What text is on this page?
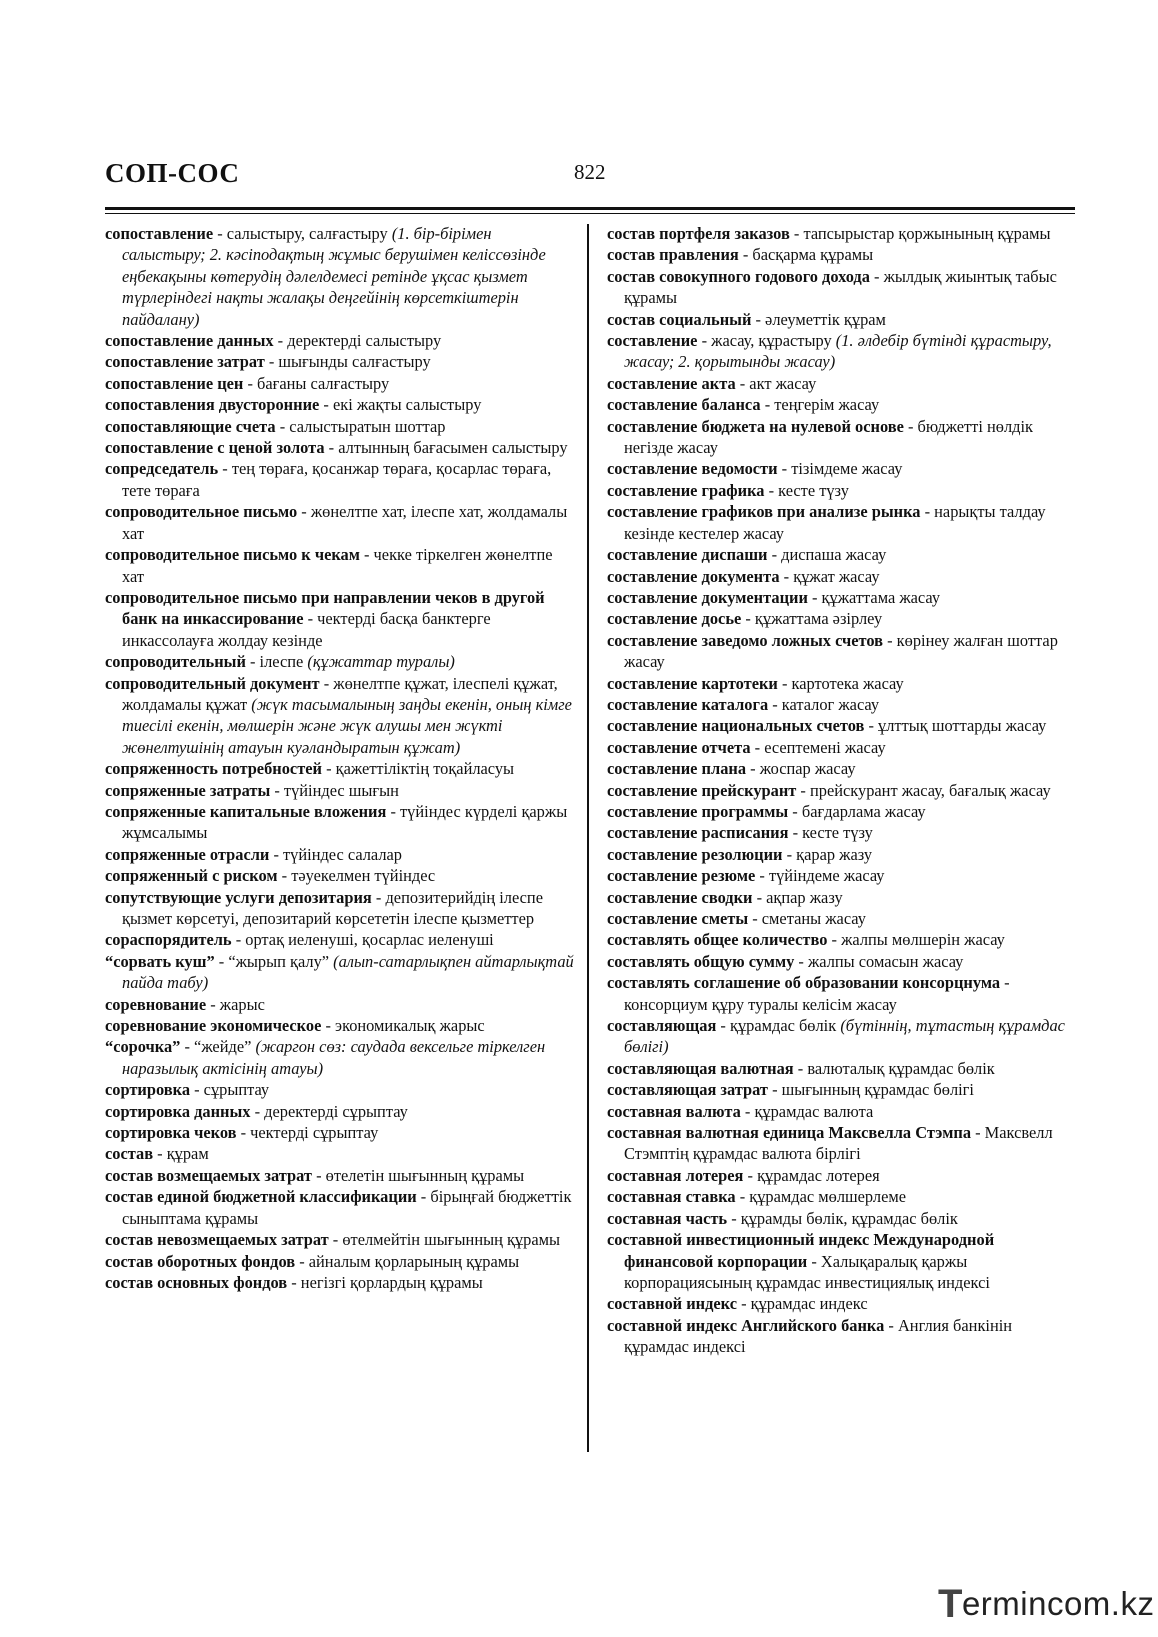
СОП-СОС	822

сопоставление - салыстыру, салғастыру (1. бір-бірімен салыстыру; 2. кәсіподақтың жұмыс берушімен келіссөзінде еңбекақыны көтерудің дәлелдемесі ретінде ұқсас қызмет түрлеріндегі нақты жалақы деңгейінің көрсеткіштерін пайдалану)

сопоставление данных - деректерді салыстыру

сопоставление затрат - шығынды салғастыру

сопоставление цен - бағаны салғастыру

сопоставления двусторонние - екі жақты салыстыру

сопоставляющие счета - салыстыратын шоттар

сопоставление с ценой золота - алтынның бағасымен салыстыру

сопредседатель - тең төраға, қосанжар төраға, қосарлас төраға, тете төраға

сопроводительное письмо - жөнелтпе хат, ілеспе хат, жолдамалы хат

сопроводительное письмо к чекам - чекке тіркелген жөнелтпе хат

сопроводительное письмо при направлении чеков в другой банк на инкассирование - чектерді басқа банктерге инкассолауға жолдау кезінде

сопроводительный - ілеспе (құжаттар туралы)

сопроводительный документ - жөнелтпе құжат, ілеспелі құжат, жолдамалы құжат (жүк тасымалының заңды екенін, оның кімге тиесілі екенін, мөлшерін және жүк алушы мен жүкті жөнелтушінің атауын куәландыратын құжат)

сопряженность потребностей - қажеттіліктің тоқайласуы

сопряженные затраты - түйіндес шығын

сопряженные капитальные вложения - түйіндес күрделі қаржы жұмсалымы

сопряженные отрасли - түйіндес салалар

сопряженный с риском - тәуекелмен түйіндес

сопутствующие услуги депозитария - депозитерийдің ілеспе қызмет көрсетуі, депозитарий көрсететін ілеспе қызметтер

сораспорядитель - ортақ иеленуші, қосарлас иеленуші

“сорвать куш” - “жырып қалу” (алып-сатарлықпен айтарлықтай пайда табу)

соревнование - жарыс

соревнование экономическое - экономикалық жарыс

“сорочка” - “жейде” (жаргон сөз: саудада вексельге тіркелген наразылық актісінің атауы)

сортировка - сұрыптау

сортировка данных - деректерді сұрыптау

сортировка чеков - чектерді сұрыптау

состав - құрам

состав возмещаемых затрат - өтелетін шығынның құрамы

состав единой бюджетной классификации - бірыңғай бюджеттік сыныптама құрамы

состав невозмещаемых затрат - өтелмейтін шығынның құрамы

состав оборотных фондов - айналым қорларының құрамы

состав основных фондов - негізгі қорлардың құрамы

состав портфеля заказов - тапсырыстар қоржынының құрамы

состав правления - басқарма құрамы

состав совокупного годового дохода - жылдық жиынтық табыс құрамы

состав социальный - әлеуметтік құрам

составление - жасау, құрастыру (1. әлдебір бүтінді құрастыру, жасау; 2. қорытынды жасау)

составление акта - акт жасау

составление баланса - теңгерім жасау

составление бюджета на нулевой основе - бюджетті нөлдік негізде жасау

составление ведомости - тізімдеме жасау

составление графика - кесте түзу

составление графиков при анализе рынка - нарықты талдау кезінде кестелер жасау

составление диспаши - диспаша жасау

составление документа - құжат жасау

составление документации - құжаттама жасау

составление досье - құжаттама әзірлеу

составление заведомо ложных счетов - көрінеу жалған шоттар жасау

составление картотеки - картотека жасау

составление каталога - каталог жасау

составление национальных счетов - ұлттық шоттарды жасау

составление отчета - есептемені жасау

составление плана - жоспар жасау

составление прейскурант - прейскурант жасау, бағалық жасау

составление программы - бағдарлама жасау

составление расписания - кесте түзу

составление резолюции - қарар жазу

составление резюме - түйіндеме жасау

составление сводки - ақпар жазу

составление сметы - сметаны жасау

составлять общее количество - жалпы мөлшерін жасау

составлять общую сумму - жалпы сомасын жасау

составлять соглашение об образовании консорцнума - консорциум құру туралы келісім жасау

составляющая - құрамдас бөлік (бүтіннің, тұтастың құрамдас бөлігі)

составляющая валютная - валюталық құрамдас бөлік

составляющая затрат - шығынның құрамдас бөлігі

составная валюта - құрамдас валюта

составная валютная единица Максвелла Стэмпа - Максвелл Стэмптің құрамдас валюта бірлігі

составная лотерея - құрамдас лотерея

составная ставка - құрамдас мөлшерлеме

составная часть - құрамды бөлік, құрамдас бөлік

составной инвестиционный индекс Международной финансовой корпорации - Халықаралық қаржы корпорациясының құрамдас инвестициялық индексі

составной индекс - құрамдас индекс

составной индекс Английского банка - Англия банкінін құрамдас индексі

Termincom.kz
